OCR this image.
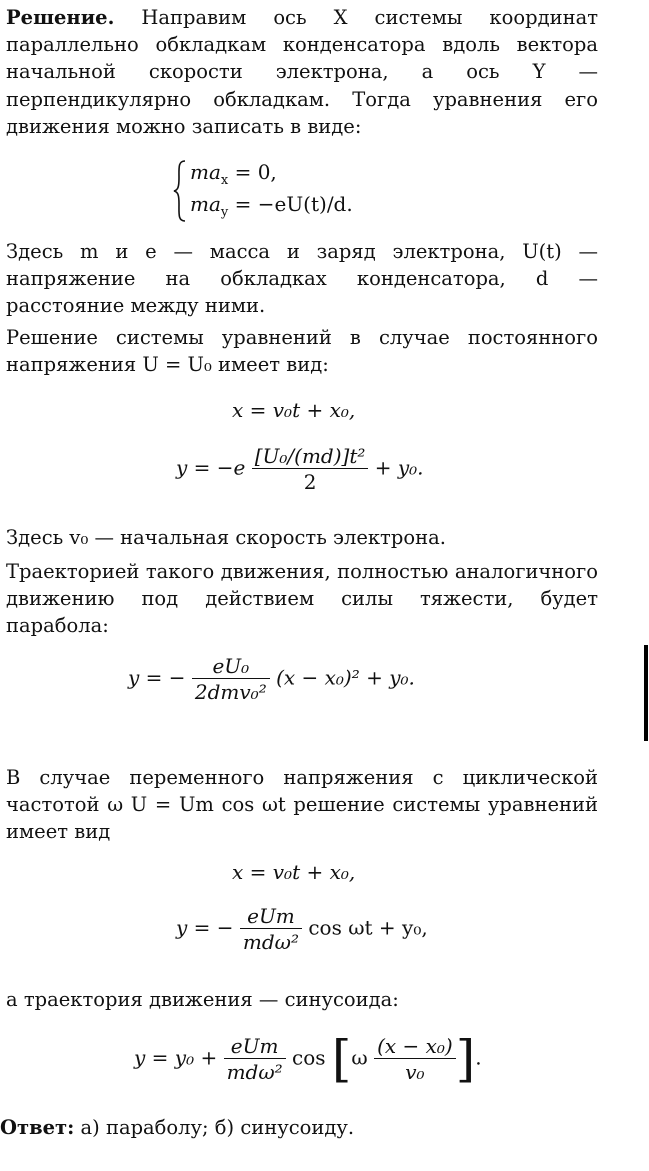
Решение. Направим ось X системы координат параллельно обкладкам конденсатора вдоль вектора начальной скорости электрона, а ось Y — перпендикулярно обкладкам. Тогда уравнения его движения можно записать в виде:
$ma_x = 0$,
$ma_y = -eU(t)/d$.
Здесь m и e — масса и заряд электрона, U(t) — напряжение на обкладках конденсатора, d — расстояние между ними.
Решение системы уравнений в случае постоянного напряжения U = U₀ имеет вид:
x = v₀t + x₀,
$y = -e \frac{\text{[U₀/(md)]t²}}{2} + y_0$.
Здесь v₀ — начальная скорость электрона.
Траекторией такого движения, полностью аналогичного движению под действием силы тяжести, будет парабола:
y = − $\frac{\text{eU₀}}{\text{2dmv₀²}} (x - x_0)^2 + y_0$.
В случае переменного напряжения с циклической частотой ω U = Um cos ωt решение системы уравнений имеет вид
x = v₀t + x₀,
y = − $\frac{\text{eUm}}{\text{mdω²}}$ cos ωt + y₀,
а траектория движения — синусоида:
$y = y_0 + \frac{\text{eUm}}{\text{mdω²}}$ $\cos [\omega \frac{\text{(x − x₀)}}{\text{v₀}}$ ].
Ответ: а) параболу; б) синусоиду.
